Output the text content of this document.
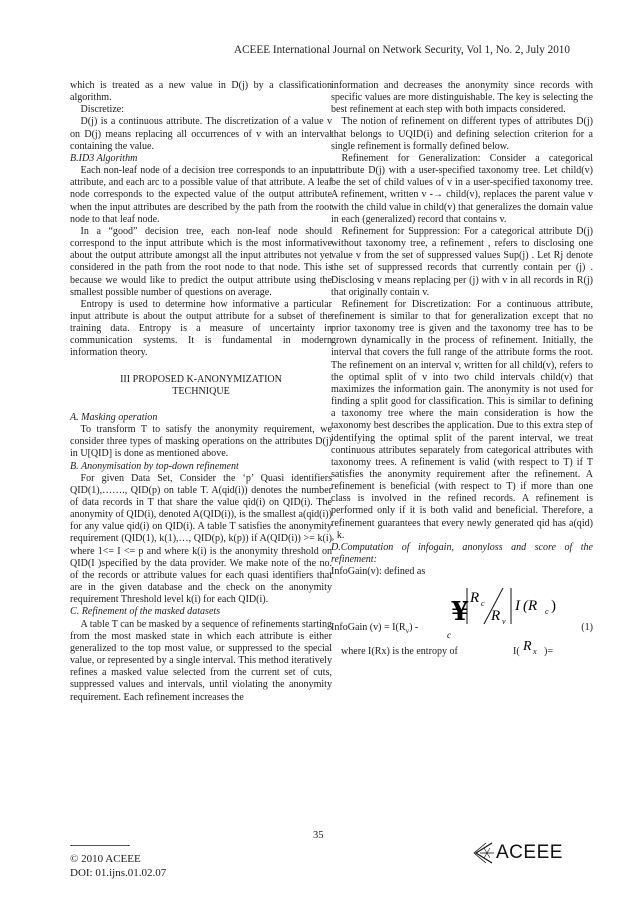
ACEEE International Journal on Network Security, Vol 1, No. 2, July 2010

which is treated as a new value in D(j) by a classification algorithm.

Discretize:

D(j) is a continuous attribute. The discretization of a value v on D(j) means replacing all occurrences of v with an interval containing the value.

B.ID3 Algorithm

Each non-leaf node of a decision tree corresponds to an input attribute, and each arc to a possible value of that attribute. A leaf node corresponds to the expected value of the output attribute when the input attributes are described by the path from the root node to that leaf node.

In a “good” decision tree, each non-leaf node should correspond to the input attribute which is the most informative about the output attribute amongst all the input attributes not yet considered in the path from the root node to that node. This is because we would like to predict the output attribute using the smallest possible number of questions on average.

Entropy is used to determine how informative a particular input attribute is about the output attribute for a subset of the training data. Entropy is a measure of uncertainty in communication systems. It is fundamental in modern information theory.

III PROPOSED K-ANONYMIZATION
TECHNIQUE

A. Masking operation

To transform T to satisfy the anonymity requirement, we consider three types of masking operations on the attributes D(j) in U[QID] is done as mentioned above.

B. Anonymisation by top-down refinement

For given Data Set, Consider the ‘p’ Quasi identifiers QID(1),……., QID(p) on table T. A(qid(i)) denotes the number of data records in T that share the value qid(i) on QID(i). The anonymity of QID(i), denoted A(QID(i)), is the smallest a(qid(i)) for any value qid(i) on QID(i). A table T satisfies the anonymity requirement (QID(1), k(1),…, QID(p), k(p)) if A(QID(i)) >= k(i) where 1<= I <= p and where k(i) is the anonymity threshold on QID(I )specified by the data provider. We make note of the no. of the records or attribute values for each quasi identifiers that are in the given database and the check on the anonymity requirement Threshold level k(i) for each QID(i).

C. Refinement of the masked datasets

A table T can be masked by a sequence of refinements starting from the most masked state in which each attribute is either generalized to the top most value, or suppressed to the special value, or represented by a single interval. This method iteratively refines a masked value selected from the current set of cuts, suppressed values and intervals, until violating the anonymity requirement. Each refinement increases the

information and decreases the anonymity since records with specific values are more distinguishable. The key is selecting the best refinement at each step with both impacts considered.

The notion of refinement on different types of attributes D(j) that belongs to UQID(i) and defining selection criterion for a single refinement is formally defined below.

Refinement for Generalization: Consider a categorical attribute D(j) with a user-specified taxonomy tree. Let child(v) be the set of child values of v in a user-specified taxonomy tree. A refinement, written v -→ child(v), replaces the parent value v with the child value in child(v) that generalizes the domain value in each (generalized) record that contains v.

Refinement for Suppression: For a categorical attribute D(j) without taxonomy tree, a refinement , refers to disclosing one value v from the set of suppressed values Sup(j) . Let Rj denote the set of suppressed records that currently contain per (j) . Disclosing v means replacing per (j) with v in all records in R(j) that originally contain v.

Refinement for Discretization: For a continuous attribute, refinement is similar to that for generalization except that no prior taxonomy tree is given and the taxonomy tree has to be grown dynamically in the process of refinement. Initially, the interval that covers the full range of the attribute forms the root. The refinement on an interval v, written for all child(v), refers to the optimal split of v into two child intervals child(v) that maximizes the information gain. The anonymity is not used for finding a split good for classification. This is similar to defining a taxonomy tree where the main consideration is how the taxonomy best describes the application. Due to this extra step of identifying the optimal split of the parent interval, we treat continuous attributes separately from categorical attributes with taxonomy trees. A refinement is valid (with respect to T) if T satisfies the anonymity requirement after the refinement. A refinement is beneficial (with respect to T) if more than one class is involved in the refined records. A refinement is performed only if it is both valid and beneficial. Therefore, a refinement guarantees that every newly generated qid has a(qid) ¸ k.

D.Computation of infogain, anonyloss and score of the refinement:

InfoGain(v): defined as

InfoGain $(v) = I(R_v)$ -
¥
c
R c
R v
I (R c )
(1)
where I(Rx) is the entropy of	I( R x )=
35
© 2010 ACEEE
DOI: 01.ijns.01.02.07
ACEEE
